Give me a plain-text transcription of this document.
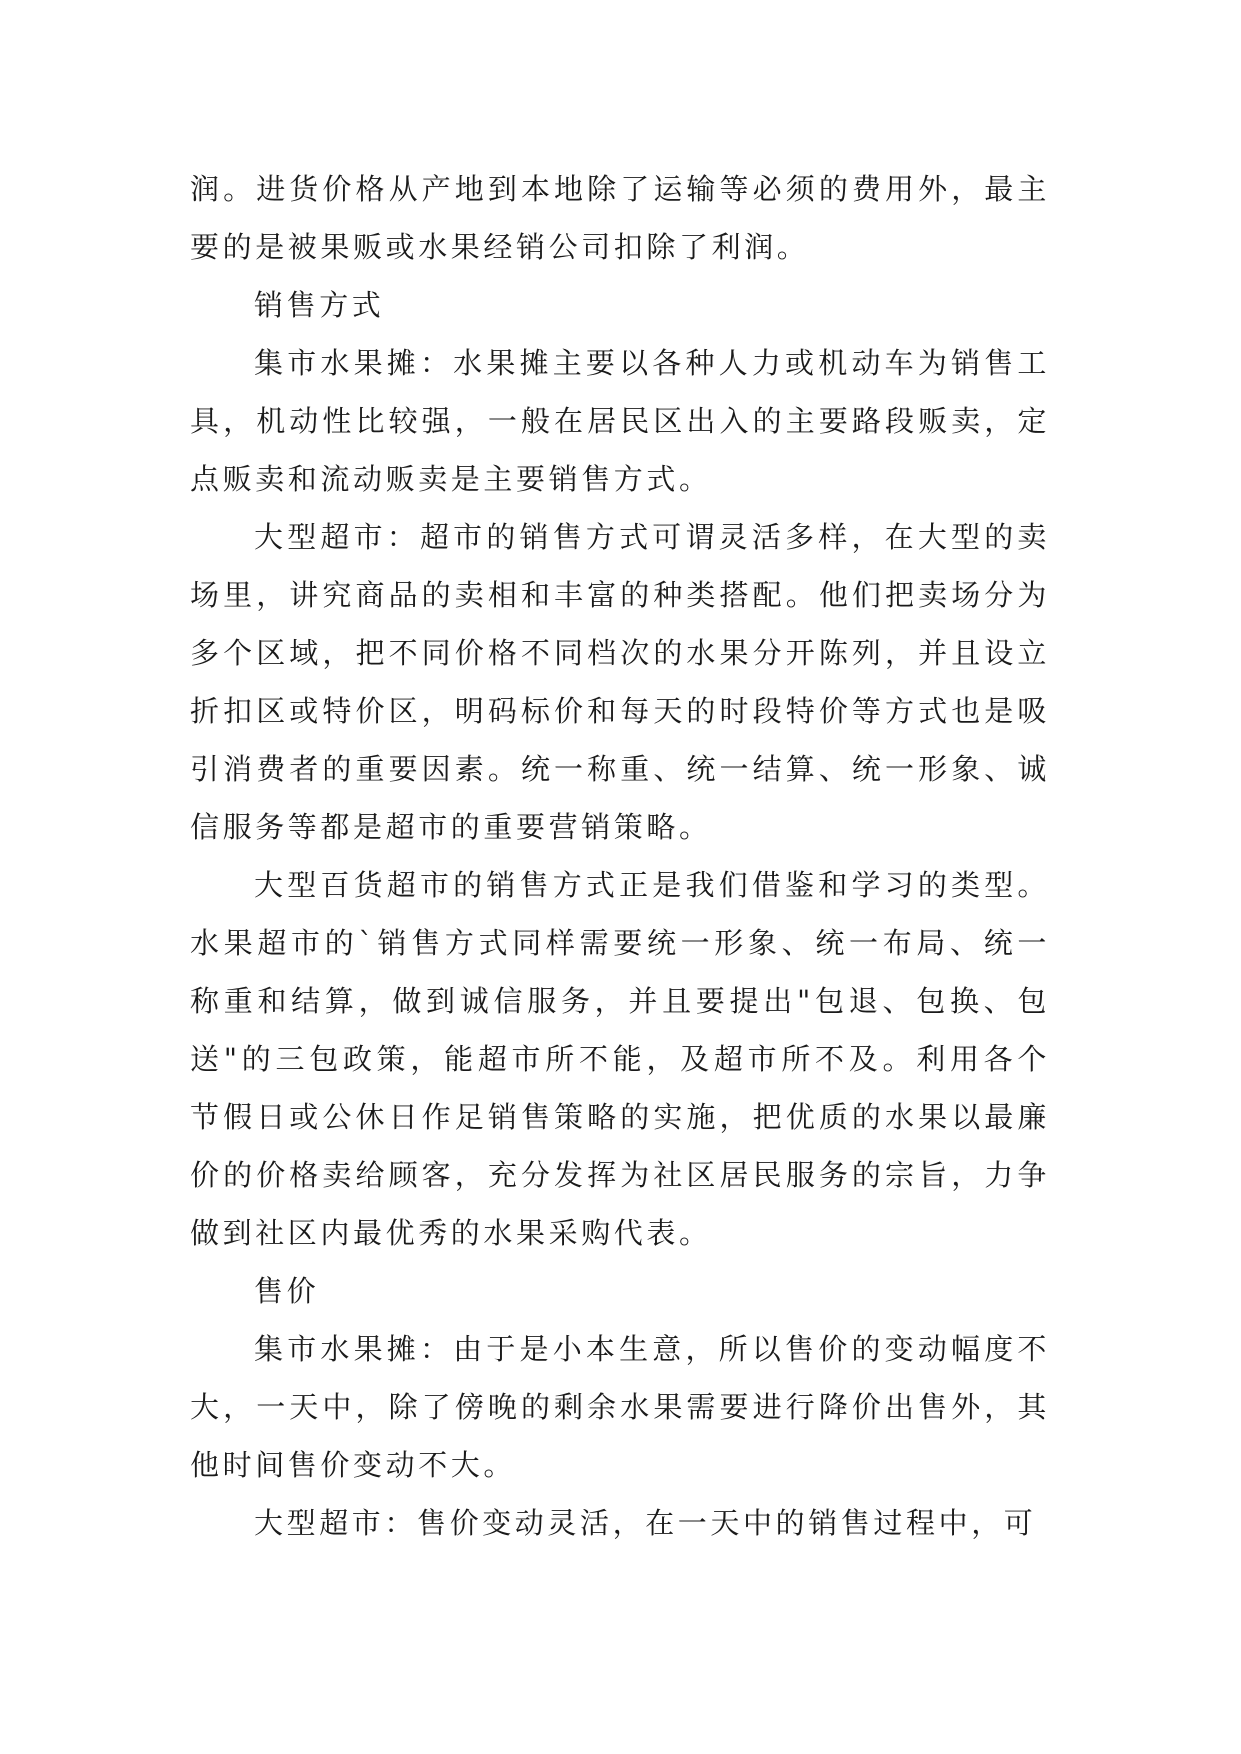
润。进货价格从产地到本地除了运输等必须的费用外，最主要的是被果贩或水果经销公司扣除了利润。

销售方式

集市水果摊：水果摊主要以各种人力或机动车为销售工具，机动性比较强，一般在居民区出入的主要路段贩卖，定点贩卖和流动贩卖是主要销售方式。

大型超市：超市的销售方式可谓灵活多样，在大型的卖场里，讲究商品的卖相和丰富的种类搭配。他们把卖场分为多个区域，把不同价格不同档次的水果分开陈列，并且设立折扣区或特价区，明码标价和每天的时段特价等方式也是吸引消费者的重要因素。统一称重、统一结算、统一形象、诚信服务等都是超市的重要营销策略。

大型百货超市的销售方式正是我们借鉴和学习的类型。水果超市的`销售方式同样需要统一形象、统一布局、统一称重和结算，做到诚信服务，并且要提出"包退、包换、包送"的三包政策，能超市所不能，及超市所不及。利用各个节假日或公休日作足销售策略的实施，把优质的水果以最廉价的价格卖给顾客，充分发挥为社区居民服务的宗旨，力争做到社区内最优秀的水果采购代表。

售价

集市水果摊：由于是小本生意，所以售价的变动幅度不大，一天中，除了傍晚的剩余水果需要进行降价出售外，其他时间售价变动不大。

大型超市：售价变动灵活，在一天中的销售过程中，可
